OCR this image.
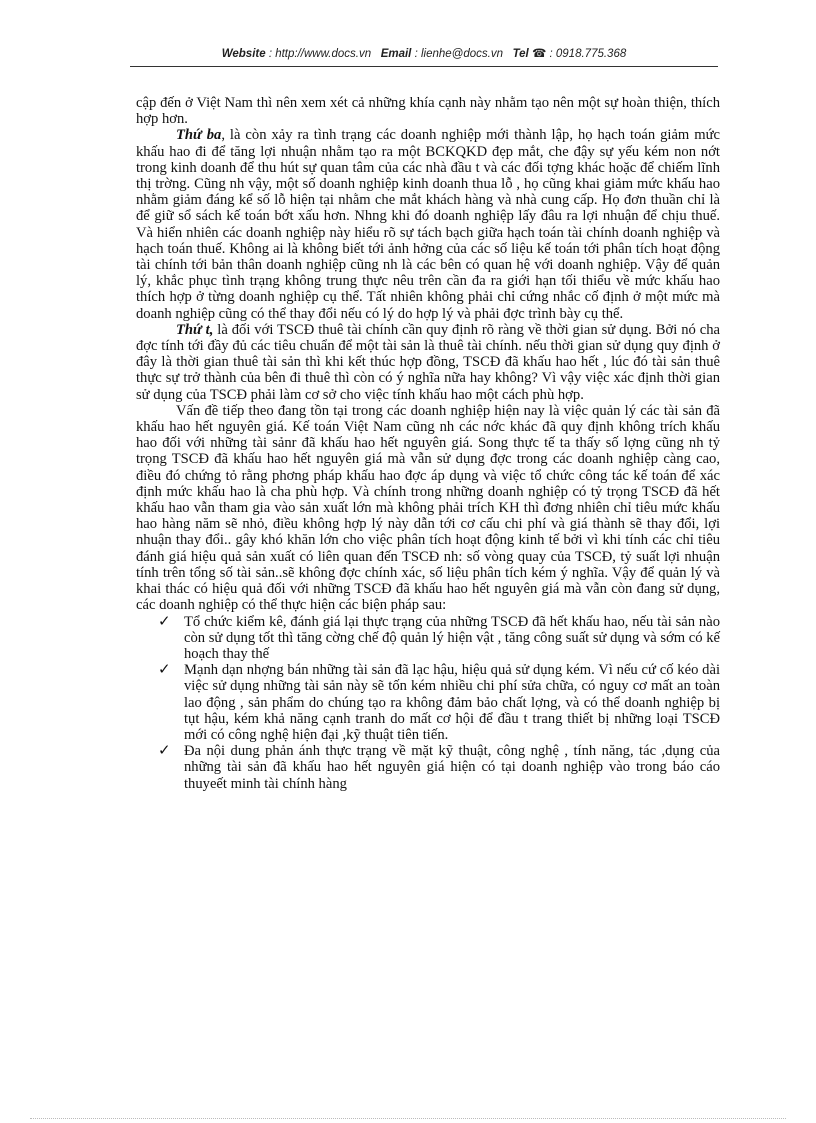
Website : http://www.docs.vn Email : lienhe@docs.vn Tel ☎ : 0918.775.368

cập đến ở Việt Nam thì nên xem xét cả những khía cạnh này nhằm tạo nên một sự hoàn thiện, thích hợp hơn.

Thứ ba, là còn xảy ra tình trạng các doanh nghiệp mới thành lập, họ hạch toán giảm mức khấu hao đi để tăng lợi nhuận nhằm tạo ra một BCKQKD đẹp mắt, che đậy sự yếu kém non nớt trong kinh doanh để thu hút sự quan tâm của các nhà đầu t và các đối tợng khác hoặc để chiếm lĩnh thị trờng. Cũng nh vậy, một số doanh nghiệp kinh doanh thua lỗ , họ cũng khai giảm mức khấu hao nhằm giảm đáng kể số lỗ hiện tại nhằm che mắt khách hàng và nhà cung cấp. Họ đơn thuần chỉ là để giữ sổ sách kế toán bớt xấu hơn. Nhng khi đó doanh nghiệp lấy đâu ra lợi nhuận để chịu thuế. Và hiển nhiên các doanh nghiệp này hiểu rõ sự tách bạch giữa hạch toán tài chính doanh nghiệp và hạch toán thuế. Không ai là không biết tới ảnh hởng của các số liệu kế toán tới phân tích hoạt động tài chính tới bản thân doanh nghiệp cũng nh là các bên có quan hệ với doanh nghiệp. Vậy để quản lý, khắc phục tình trạng không trung thực nêu trên cần đa ra giới hạn tối thiểu về mức khấu hao thích hợp ở từng doanh nghiệp cụ thể. Tất nhiên không phải chỉ cứng nhắc cố định ở một mức mà doanh nghiệp cũng có thể thay đổi nếu có lý do hợp lý và phải đợc trình bày cụ thể.

Thứ t, là đối với TSCĐ thuê tài chính cần quy định rõ ràng về thời gian sử dụng. Bởi nó cha đợc tính tới đầy đủ các tiêu chuẩn để một tài sản là thuê tài chính. nếu thời gian sử dụng quy định ở đây là thời gian thuê tài sản thì khi kết thúc hợp đồng, TSCĐ đã khấu hao hết , lúc đó tài sản thuê thực sự trở thành của bên đi thuê thì còn có ý nghĩa nữa hay không? Vì vậy việc xác định thời gian sử dụng của TSCĐ phải làm cơ sở cho việc tính khấu hao một cách phù hợp.

Vấn đề tiếp theo đang tồn tại trong các doanh nghiệp hiện nay là việc quản lý các tài sản đã khấu hao hết nguyên giá. Kế toán Việt Nam cũng nh các nớc khác đã quy định không trích khấu hao đối với những tài sảnr đã khấu hao hết nguyên giá. Song thực tế ta thấy số lợng cũng nh tỷ trọng TSCĐ đã khấu hao hết nguyên giá mà vẫn sử dụng đợc trong các doanh nghiệp càng cao, điều đó chứng tỏ rằng phơng pháp khấu hao đợc áp dụng và việc tổ chức công tác kế toán để xác định mức khấu hao là cha phù hợp. Và chính trong những doanh nghiệp có tỷ trọng TSCĐ đã hết khấu hao vẫn tham gia vào sản xuất lớn mà không phải trích KH thì đơng nhiên chỉ tiêu mức khấu hao hàng năm sẽ nhỏ, điều không hợp lý này dẫn tới cơ cấu chi phí và giá thành sẽ thay đổi, lợi nhuận thay đổi.. gây khó khăn lớn cho việc phân tích hoạt động kinh tế bởi vì khi tính các chỉ tiêu đánh giá hiệu quả sản xuất có liên quan đến TSCĐ nh: số vòng quay của TSCĐ, tỷ suất lợi nhuận tính trên tổng số tài sản..sẽ không đợc chính xác, số liệu phân tích kém ý nghĩa. Vậy để quản lý và khai thác có hiệu quả đối với những TSCĐ đã khấu hao hết nguyên giá mà vẫn còn đang sử dụng, các doanh nghiệp có thể thực hiện các biện pháp sau:

✓ Tổ chức kiểm kê, đánh giá lại thực trạng của những TSCĐ đã hết khấu hao, nếu tài sản nào còn sử dụng tốt thì tăng cờng chế độ quản lý hiện vật , tăng công suất sử dụng và sớm có kế hoạch thay thế
✓ Mạnh dạn nhợng bán những tài sản đã lạc hậu, hiệu quả sử dụng kém. Vì nếu cứ cố kéo dài việc sử dụng những tài sản này sẽ tốn kém nhiều chi phí sửa chữa, có nguy cơ mất an toàn lao động , sản phẩm do chúng tạo ra không đảm bảo chất lợng, và có thể doanh nghiệp bị tụt hậu, kém khả năng cạnh tranh do mất cơ hội để đầu t trang thiết bị những loại TSCĐ mới có công nghệ hiện đại ,kỹ thuật tiên tiến.
✓ Đa nội dung phản ánh thực trạng về mặt kỹ thuật, công nghệ , tính năng, tác ,dụng của những tài sản đã khấu hao hết nguyên giá hiện có tại doanh nghiệp vào trong báo cáo thuyeết minh tài chính hàng
